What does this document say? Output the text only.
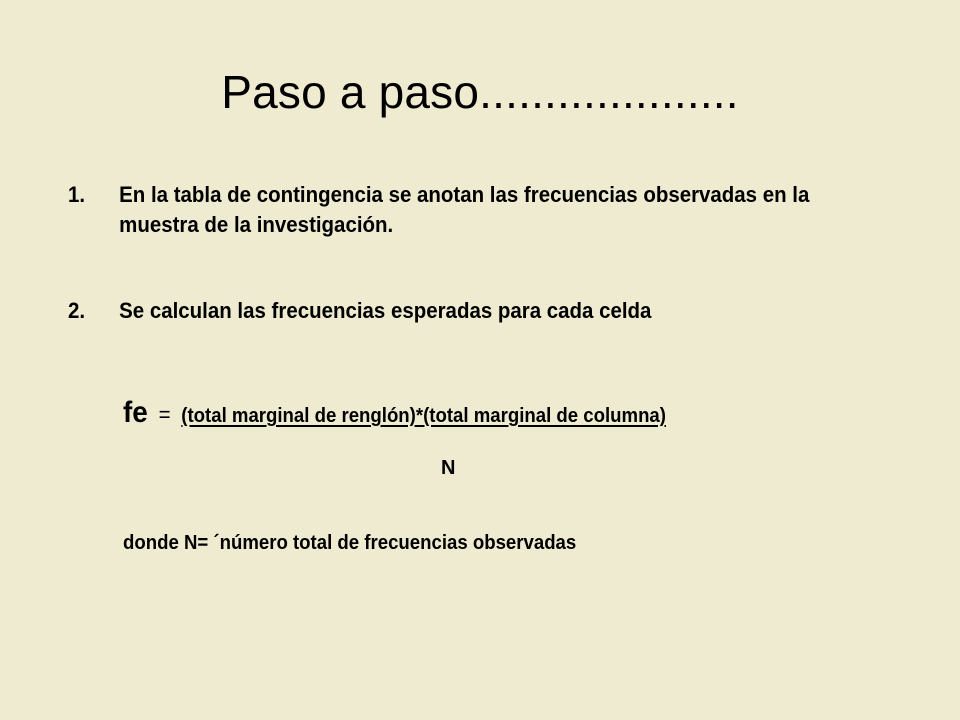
Paso a paso....................
1. En la tabla de contingencia se anotan las frecuencias observadas en la muestra de la investigación.
2. Se calculan las frecuencias esperadas para cada celda
fe = (total marginal de renglón)*(total marginal de columna)
N
donde N= ´número total de frecuencias observadas
